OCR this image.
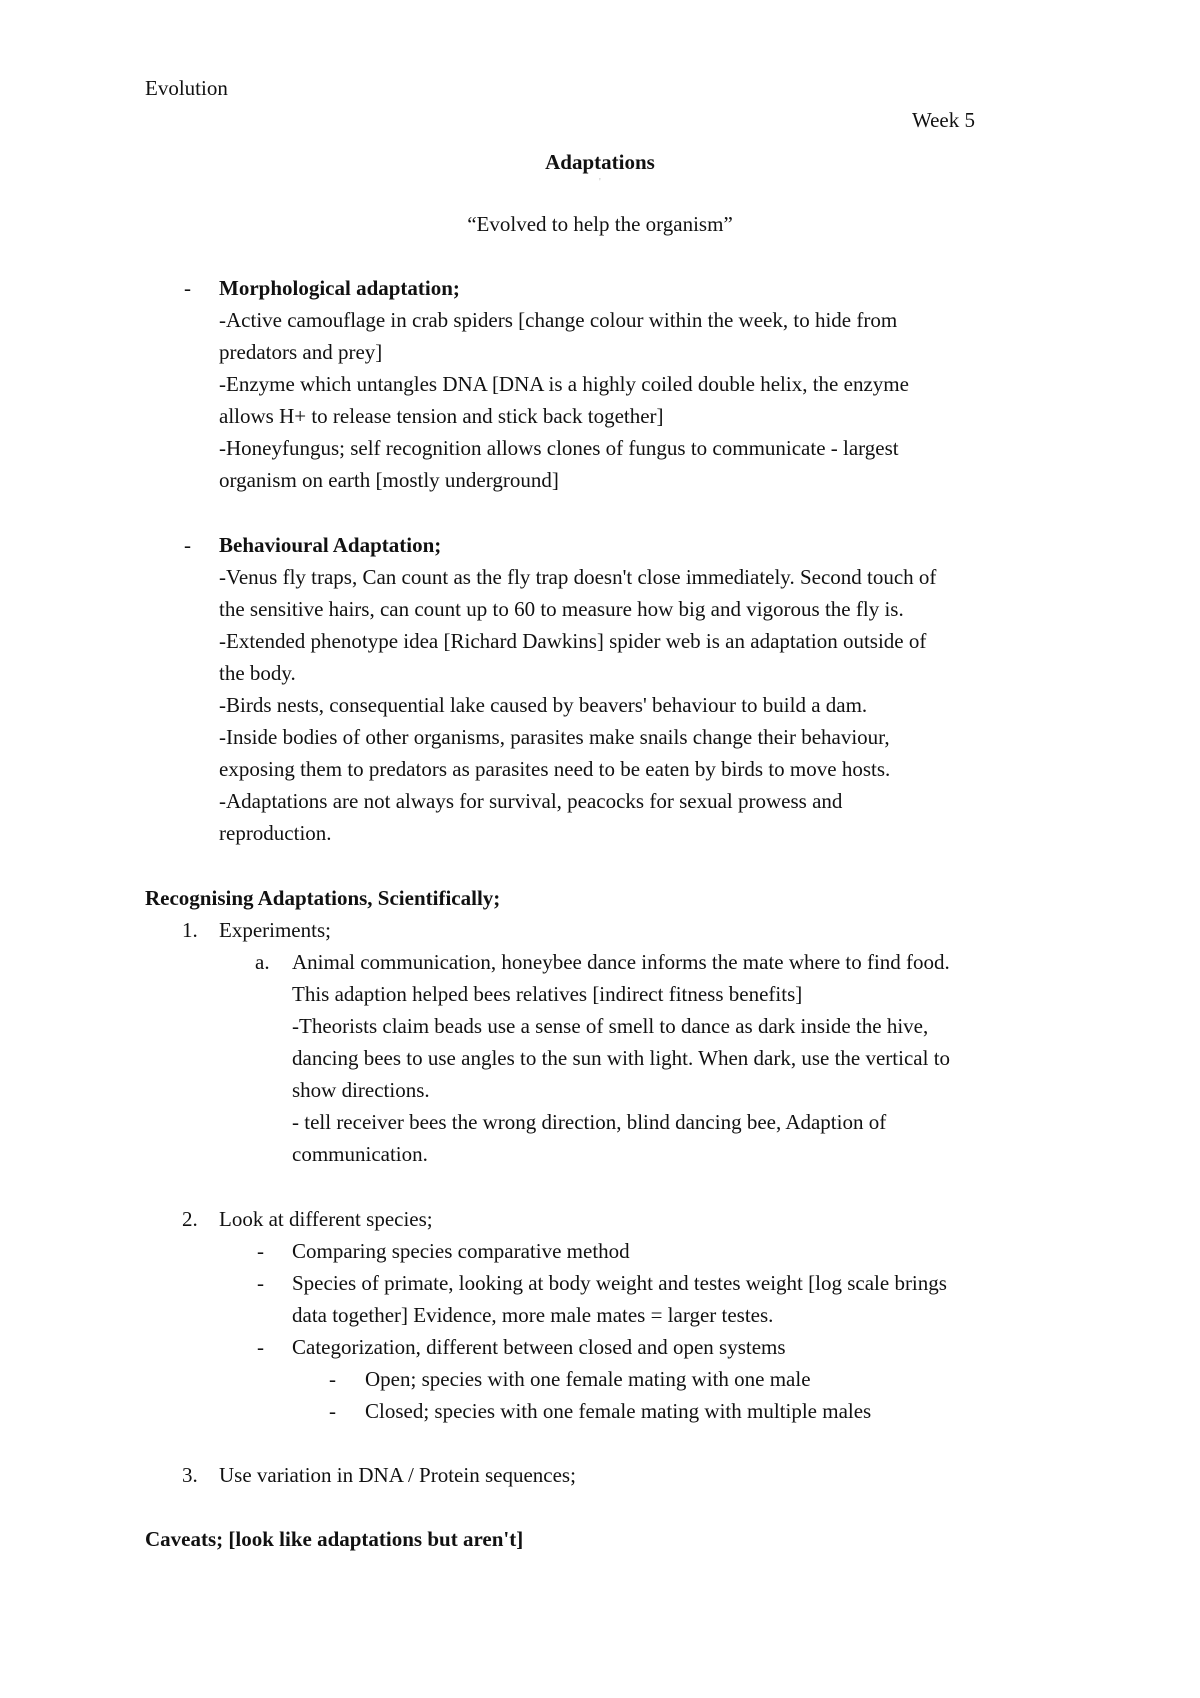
Evolution
Week 5
Adaptations
'
“Evolved to help the organism”
- Morphological adaptation;
-Active camouflage in crab spiders [change colour within the week, to hide from
predators and prey]
-Enzyme which untangles DNA [DNA is a highly coiled double helix, the enzyme
allows H+ to release tension and stick back together]
-Honeyfungus; self recognition allows clones of fungus to communicate - largest
organism on earth [mostly underground]
- Behavioural Adaptation;
-Venus fly traps, Can count as the fly trap doesn't close immediately. Second touch of
the sensitive hairs, can count up to 60 to measure how big and vigorous the fly is.
-Extended phenotype idea [Richard Dawkins] spider web is an adaptation outside of
the body.
-Birds nests, consequential lake caused by beavers' behaviour to build a dam.
-Inside bodies of other organisms, parasites make snails change their behaviour,
exposing them to predators as parasites need to be eaten by birds to move hosts.
-Adaptations are not always for survival, peacocks for sexual prowess and
reproduction.
Recognising Adaptations, Scientifically;
1. Experiments;
a. Animal communication, honeybee dance informs the mate where to find food.
This adaption helped bees relatives [indirect fitness benefits]
-Theorists claim beads use a sense of smell to dance as dark inside the hive,
dancing bees to use angles to the sun with light. When dark, use the vertical to
show directions.
- tell receiver bees the wrong direction, blind dancing bee, Adaption of
communication.
2. Look at different species;
- Comparing species comparative method
- Species of primate, looking at body weight and testes weight [log scale brings
data together] Evidence, more male mates = larger testes.
- Categorization, different between closed and open systems
- Open; species with one female mating with one male
- Closed; species with one female mating with multiple males
3. Use variation in DNA / Protein sequences;
Caveats; [look like adaptations but aren't]
